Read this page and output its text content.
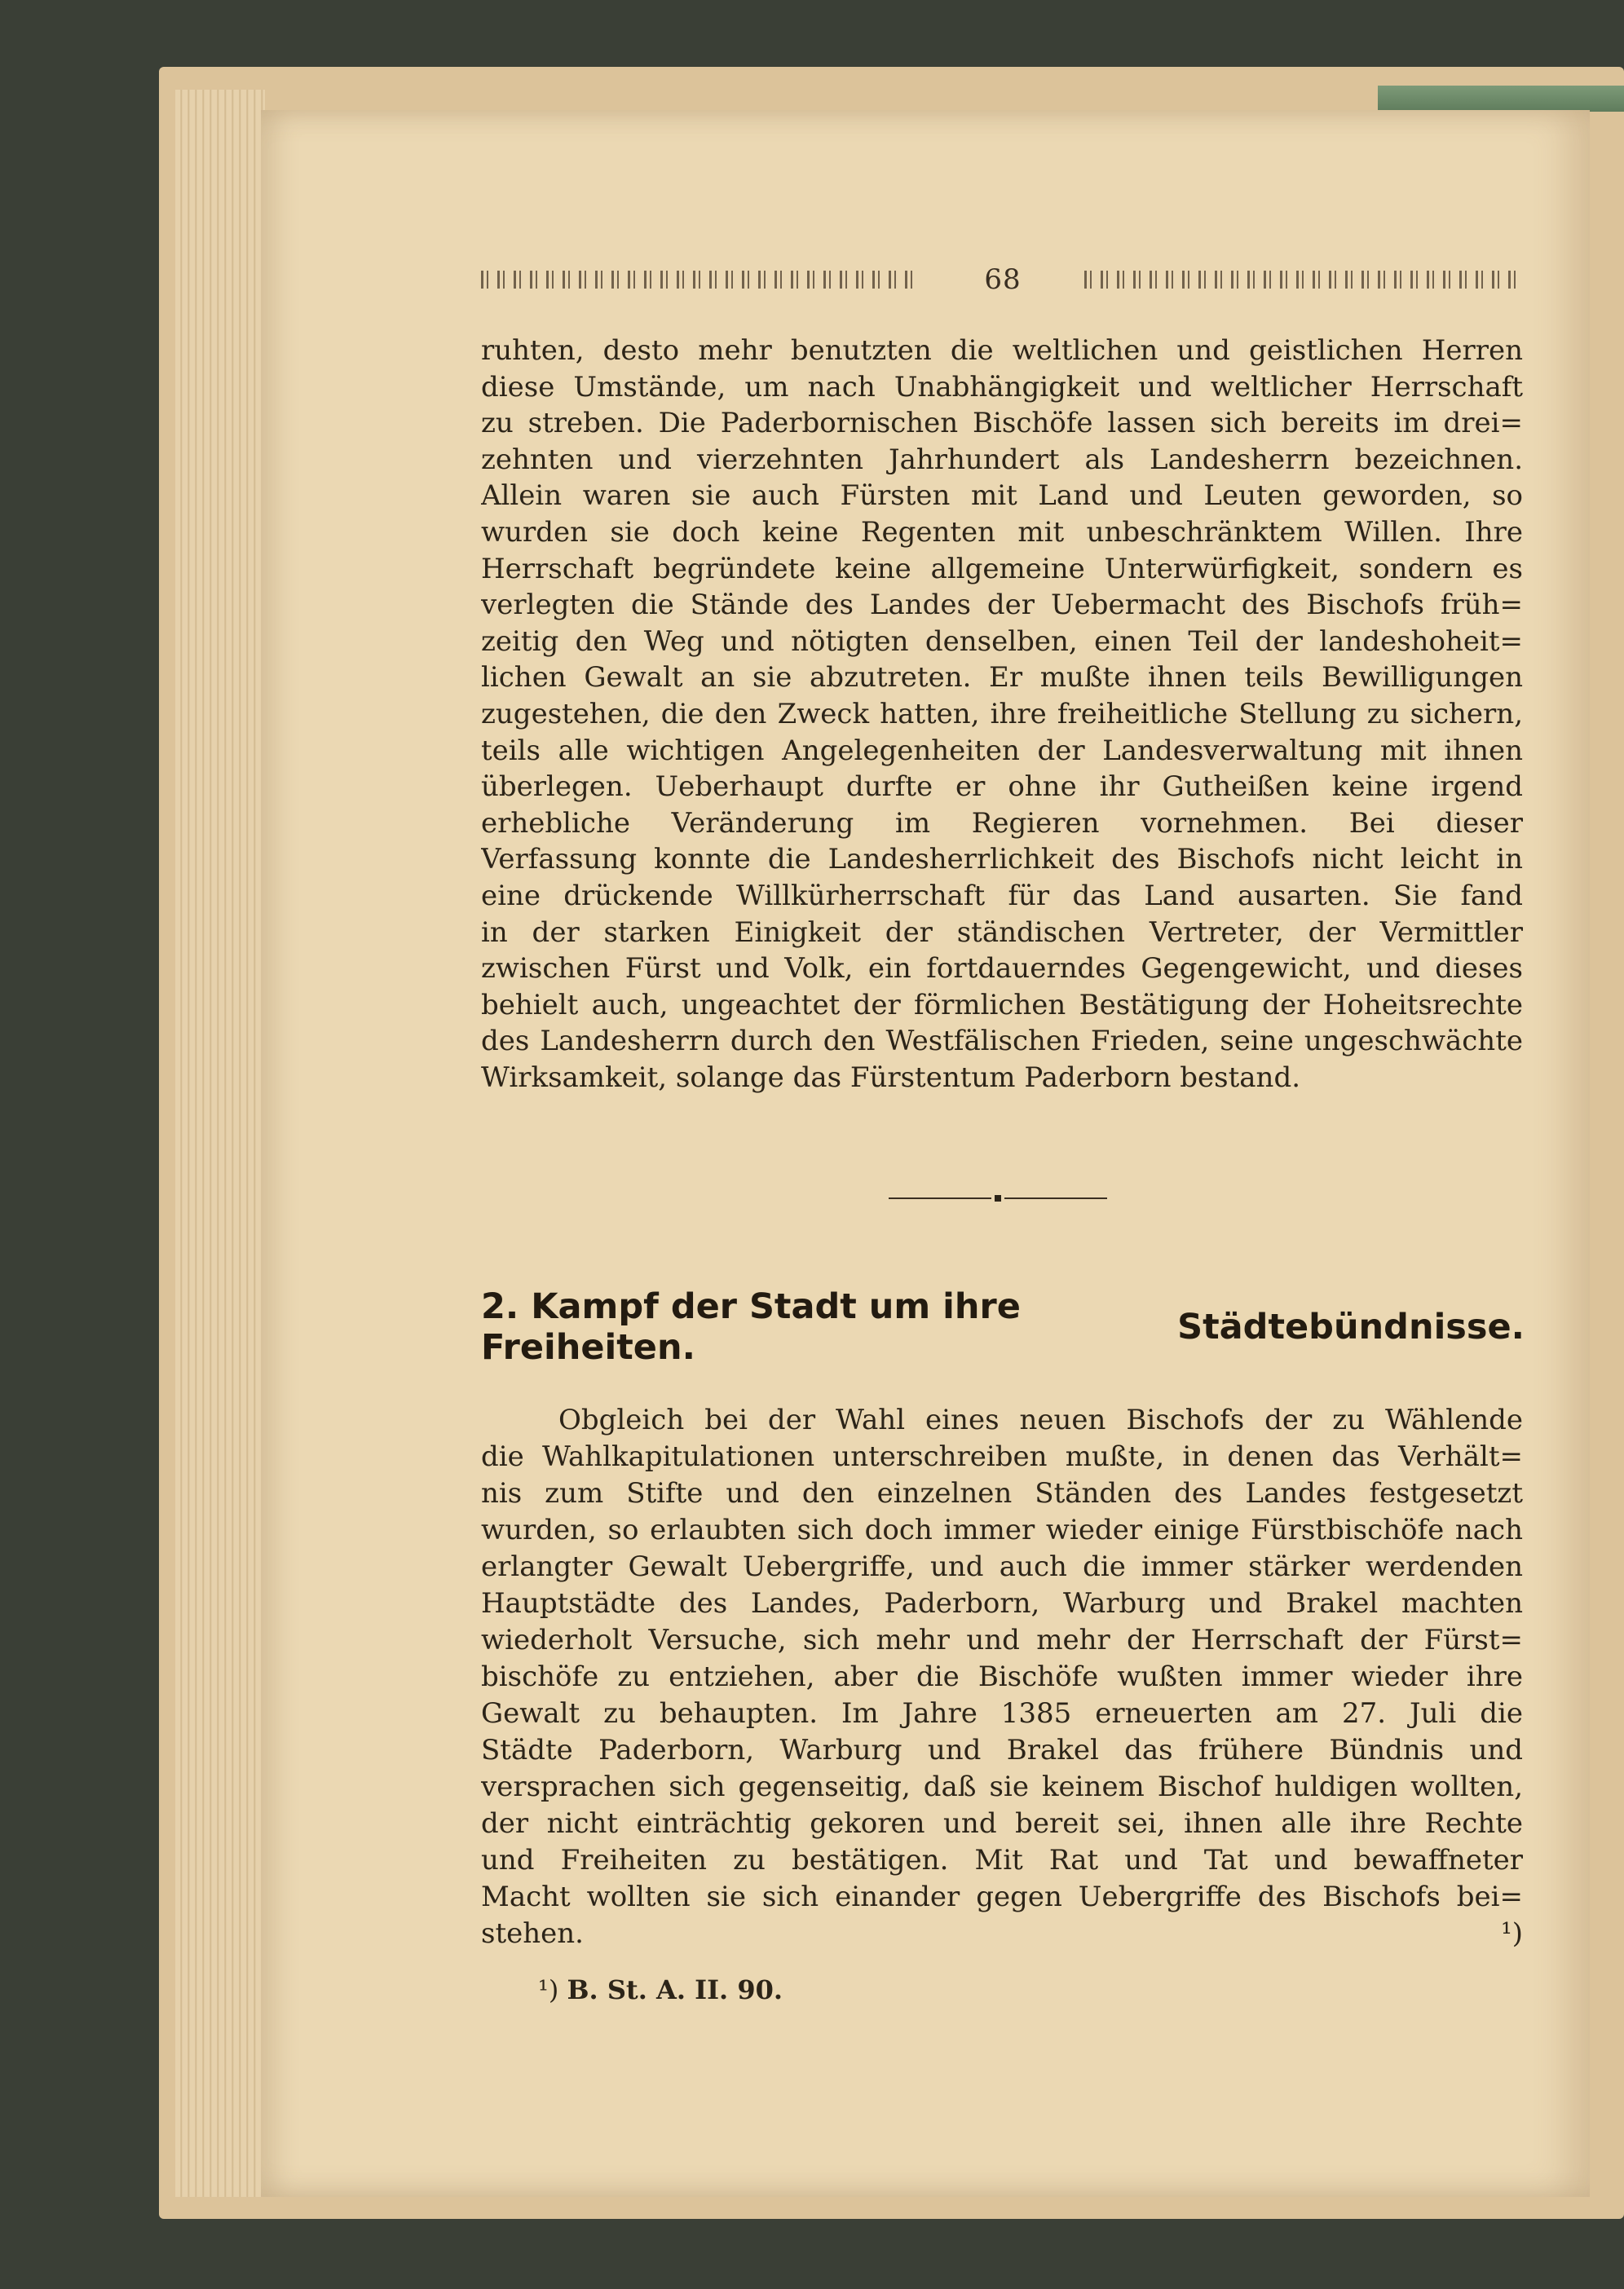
68
ruhten, desto mehr benutzten die weltlichen und geistlichen Herren
diese Umstände, um nach Unabhängigkeit und weltlicher Herrschaft
zu streben. Die Paderbornischen Bischöfe lassen sich bereits im drei=
zehnten und vierzehnten Jahrhundert als Landesherrn bezeichnen.
Allein waren sie auch Fürsten mit Land und Leuten geworden, so
wurden sie doch keine Regenten mit unbeschränktem Willen. Ihre
Herrschaft begründete keine allgemeine Unterwürfigkeit, sondern es
verlegten die Stände des Landes der Uebermacht des Bischofs früh=
zeitig den Weg und nötigten denselben, einen Teil der landeshoheit=
lichen Gewalt an sie abzutreten. Er mußte ihnen teils Bewilligungen
zugestehen, die den Zweck hatten, ihre freiheitliche Stellung zu sichern,
teils alle wichtigen Angelegenheiten der Landesverwaltung mit ihnen
überlegen. Ueberhaupt durfte er ohne ihr Gutheißen keine irgend
erhebliche Veränderung im Regieren vornehmen. Bei dieser
Verfassung konnte die Landesherrlichkeit des Bischofs nicht leicht in
eine drückende Willkürherrschaft für das Land ausarten. Sie fand
in der starken Einigkeit der ständischen Vertreter, der Vermittler
zwischen Fürst und Volk, ein fortdauerndes Gegengewicht, und dieses
behielt auch, ungeachtet der förmlichen Bestätigung der Hoheitsrechte
des Landesherrn durch den Westfälischen Frieden, seine ungeschwächte
Wirksamkeit, solange das Fürstentum Paderborn bestand.
2. Kampf der Stadt um ihre Freiheiten.	Städtebündnisse.
Obgleich bei der Wahl eines neuen Bischofs der zu Wählende
die Wahlkapitulationen unterschreiben mußte, in denen das Verhält=
nis zum Stifte und den einzelnen Ständen des Landes festgesetzt
wurden, so erlaubten sich doch immer wieder einige Fürstbischöfe nach
erlangter Gewalt Uebergriffe, und auch die immer stärker werdenden
Hauptstädte des Landes, Paderborn, Warburg und Brakel machten
wiederholt Versuche, sich mehr und mehr der Herrschaft der Fürst=
bischöfe zu entziehen, aber die Bischöfe wußten immer wieder ihre
Gewalt zu behaupten. Im Jahre 1385 erneuerten am 27. Juli die
Städte Paderborn, Warburg und Brakel das frühere Bündnis und
versprachen sich gegenseitig, daß sie keinem Bischof huldigen wollten,
der nicht einträchtig gekoren und bereit sei, ihnen alle ihre Rechte
und Freiheiten zu bestätigen. Mit Rat und Tat und bewaffneter
Macht wollten sie sich einander gegen Uebergriffe des Bischofs bei=
stehen. ¹)
¹) B. St. A. II. 90.
